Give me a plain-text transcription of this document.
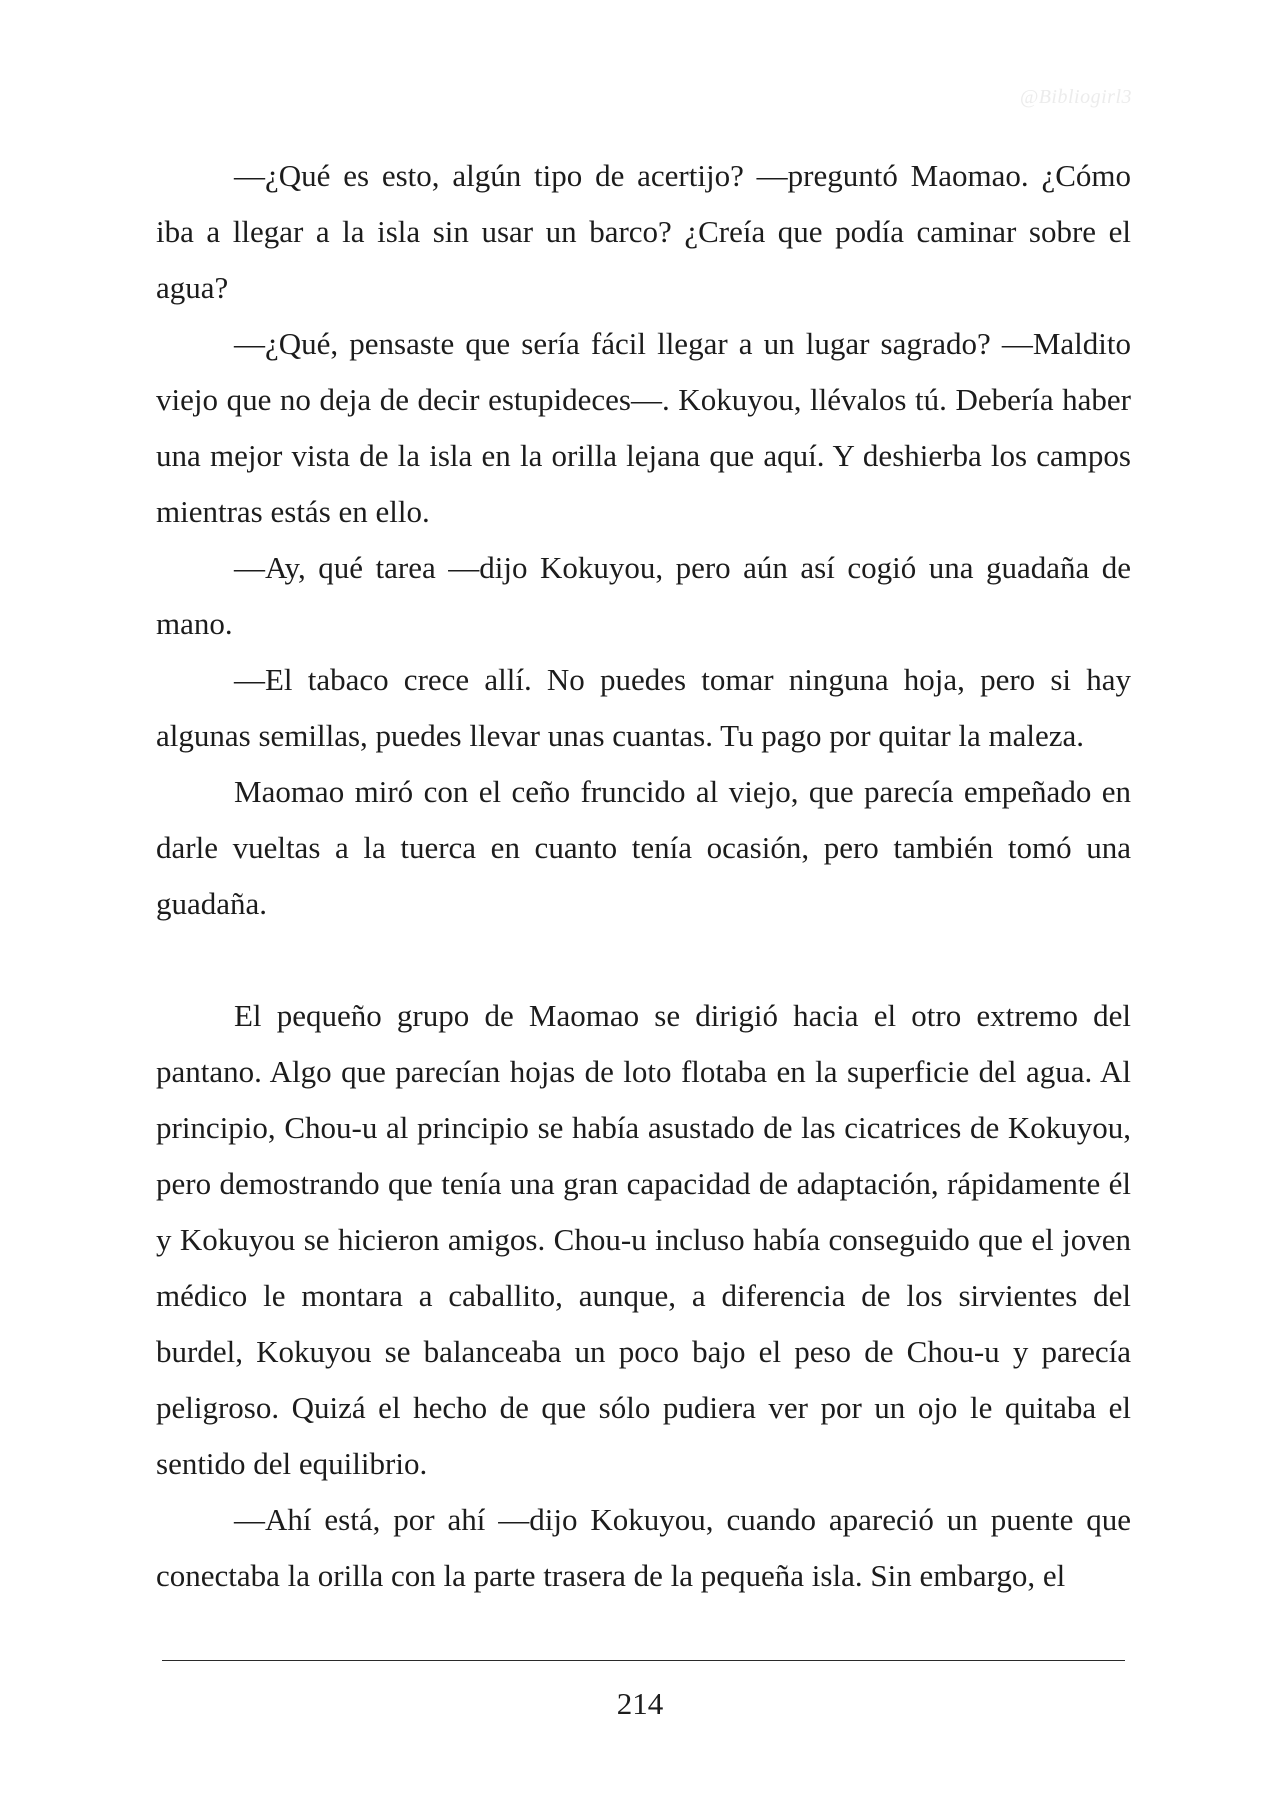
@Bibliogirl3

—¿Qué es esto, algún tipo de acertijo? —preguntó Maomao. ¿Cómo iba a llegar a la isla sin usar un barco? ¿Creía que podía caminar sobre el agua?

—¿Qué, pensaste que sería fácil llegar a un lugar sagrado? —Maldito viejo que no deja de decir estupideces—. Kokuyou, llévalos tú. Debería haber una mejor vista de la isla en la orilla lejana que aquí. Y deshierba los campos mientras estás en ello.

—Ay, qué tarea —dijo Kokuyou, pero aún así cogió una guadaña de mano.

—El tabaco crece allí. No puedes tomar ninguna hoja, pero si hay algunas semillas, puedes llevar unas cuantas. Tu pago por quitar la maleza.

Maomao miró con el ceño fruncido al viejo, que parecía empeñado en darle vueltas a la tuerca en cuanto tenía ocasión, pero también tomó una guadaña.

El pequeño grupo de Maomao se dirigió hacia el otro extremo del pantano. Algo que parecían hojas de loto flotaba en la superficie del agua. Al principio, Chou-u al principio se había asustado de las cicatrices de Kokuyou, pero demostrando que tenía una gran capacidad de adaptación, rápidamente él y Kokuyou se hicieron amigos. Chou-u incluso había conseguido que el joven médico le montara a caballito, aunque, a diferencia de los sirvientes del burdel, Kokuyou se balanceaba un poco bajo el peso de Chou-u y parecía peligroso. Quizá el hecho de que sólo pudiera ver por un ojo le quitaba el sentido del equilibrio.

—Ahí está, por ahí —dijo Kokuyou, cuando apareció un puente que conectaba la orilla con la parte trasera de la pequeña isla. Sin embargo, el

214
